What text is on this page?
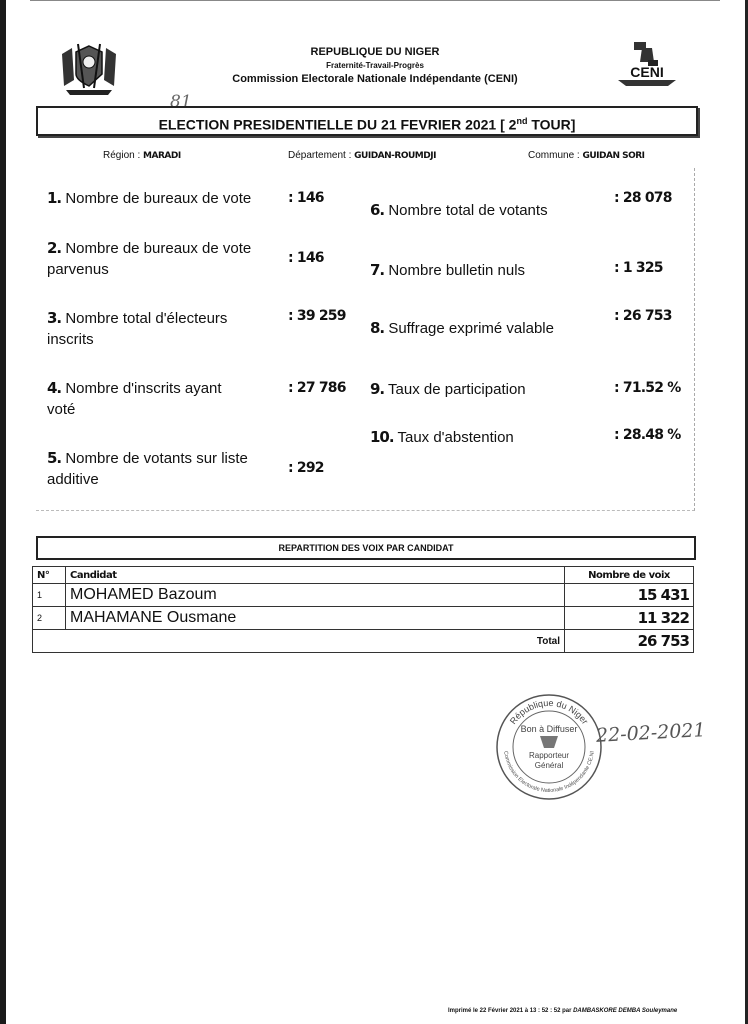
REPUBLIQUE DU NIGER
Fraternité-Travail-Progrès
Commission Electorale Nationale Indépendante (CENI)	CENI
81
ELECTION PRESIDENTIELLE DU 21 FEVRIER 2021 [ 2nd TOUR]
Région : MARADI	Département : GUIDAN-ROUMDJI	Commune : GUIDAN SORI
1. Nombre de bureaux de vote	: 146
2. Nombre de bureaux de vote
parvenus
: 146
3. Nombre total d'électeurs
inscrits
: 39 259
4. Nombre d'inscrits ayant
voté
: 27 786
5. Nombre de votants sur liste
additive
: 292
6. Nombre total de votants
: 28 078
7. Nombre bulletin nuls	: 1 325
8. Suffrage exprimé valable
: 26 753
9. Taux de participation	: 71.52 %
10. Taux d'abstention	: 28.48 %
REPARTITION DES VOIX PAR CANDIDAT
N°	Candidat	Nombre de voix
1	MOHAMED Bazoum	15 431
2	MAHAMANE Ousmane	11 322
Total		26 753
République du Niger
Commission Electorale Nationale Indépendante CE.NI
Bon à Diffuser
Rapporteur
Général
22-02-2021
Imprimé le 22 Février 2021 à 13 : 52 : 52 par DAMBASKORE DEMBA Souleymane
